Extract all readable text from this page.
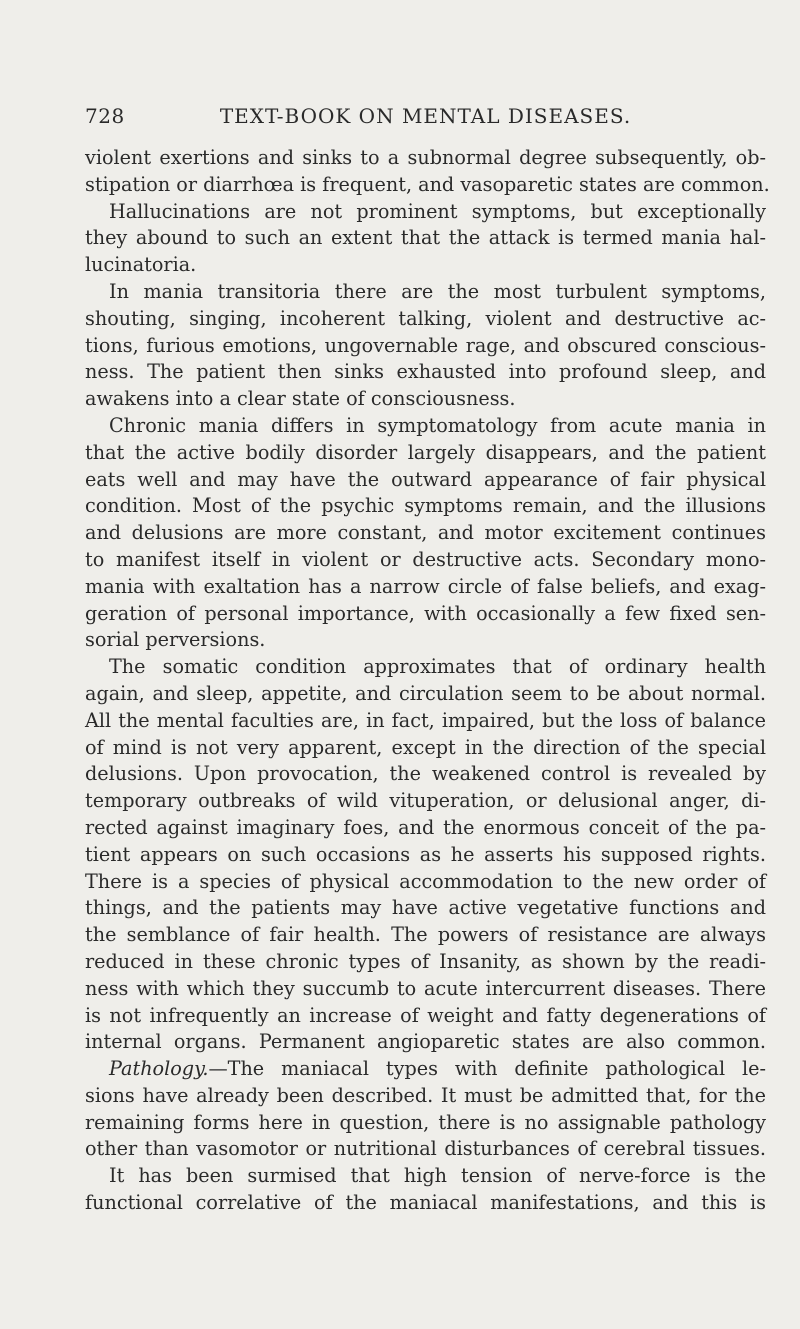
728	TEXT-BOOK ON MENTAL DISEASES.
violent exertions and sinks to a subnormal degree subsequently, ob-
stipation or diarrhœa is frequent, and vasoparetic states are common.
Hallucinations are not prominent symptoms, but exceptionally
they abound to such an extent that the attack is termed mania hal-
lucinatoria.
In mania transitoria there are the most turbulent symptoms,
shouting, singing, incoherent talking, violent and destructive ac-
tions, furious emotions, ungovernable rage, and obscured conscious-
ness. The patient then sinks exhausted into profound sleep, and
awakens into a clear state of consciousness.
Chronic mania differs in symptomatology from acute mania in
that the active bodily disorder largely disappears, and the patient
eats well and may have the outward appearance of fair physical
condition. Most of the psychic symptoms remain, and the illusions
and delusions are more constant, and motor excitement continues
to manifest itself in violent or destructive acts. Secondary mono-
mania with exaltation has a narrow circle of false beliefs, and exag-
geration of personal importance, with occasionally a few fixed sen-
sorial perversions.
The somatic condition approximates that of ordinary health
again, and sleep, appetite, and circulation seem to be about normal.
All the mental faculties are, in fact, impaired, but the loss of balance
of mind is not very apparent, except in the direction of the special
delusions. Upon provocation, the weakened control is revealed by
temporary outbreaks of wild vituperation, or delusional anger, di-
rected against imaginary foes, and the enormous conceit of the pa-
tient appears on such occasions as he asserts his supposed rights.
There is a species of physical accommodation to the new order of
things, and the patients may have active vegetative functions and
the semblance of fair health. The powers of resistance are always
reduced in these chronic types of Insanity, as shown by the readi-
ness with which they succumb to acute intercurrent diseases. There
is not infrequently an increase of weight and fatty degenerations of
internal organs. Permanent angioparetic states are also common.
Pathology.—The maniacal types with definite pathological le-
sions have already been described. It must be admitted that, for the
remaining forms here in question, there is no assignable pathology
other than vasomotor or nutritional disturbances of cerebral tissues.
It has been surmised that high tension of nerve-force is the
functional correlative of the maniacal manifestations, and this is
